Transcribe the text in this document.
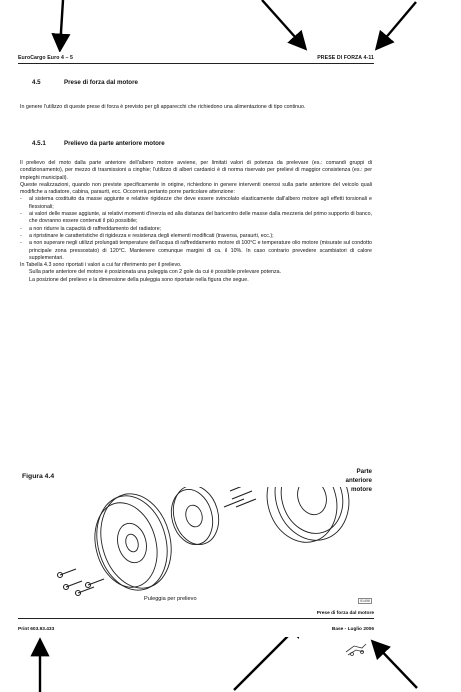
EuroCargo Euro 4 – 5	PRESE DI FORZA 4-11
4.5	Prese di forza dal motore
In genere l'utilizzo di queste prese di forza è previsto per gli apparecchi che richiedono una alimentazione di tipo continuo.
4.5.1	Prelievo da parte anteriore motore

Il prelievo del moto dalla parte anteriore dell'albero motore avviene, per limitati valori di potenza da prelevare (es.: comandi gruppi di condizionamento), per mezzo di trasmissioni a cinghie; l'utilizzo di alberi cardanici è di norma riservato per prelievi di maggior consistenza (es.: per impieghi municipali).

Queste realizzazioni, quando non previste specificamente in origine, richiedono in genere interventi onerosi sulla parte anteriore del veicolo quali modifiche a radiatore, cabina, paraurti, ecc. Occorrerà pertanto porre particolare attenzione:

- al sistema costituito da masse aggiunte e relative rigidezze che deve essere svincolato elasticamente dall'albero motore agli effetti torsionali e flessionali;
- ai valori delle masse aggiunte, ai relativi momenti d'inerzia ed alla distanza del baricentro delle masse dalla mezzeria del primo supporto di banco, che dovranno essere contenuti il più possibile;
- a non ridurre la capacità di raffreddamento del radiatore;
- a ripristinare le caratteristiche di rigidezza e resistenza degli elementi modificati (traversa, paraurti, ecc.);
- a non superare negli utilizzi prolungati temperature dell'acqua di raffreddamento motore di 100°C e temperature olio motore (misurate sul condotto principale zona pressostato) di 120°C. Mantenere comunque margini di ca. il 10%. In caso contrario prevedere scambiatori di calore supplementari.

In Tabella 4.3 sono riportati i valori a cui far riferimento per il prelievo.

Sulla parte anteriore del motore è posizionata una puleggia con 2 gole da cui è possibile prelevare potenza.

La posizione del prelievo e la dimensione della puleggia sono riportate nella figura che segue.

Figura 4.4
Parte
anteriore
motore
Puleggia per prelievo	91496
Prese di forza dal motore
Print 603.93.433	Base - Luglio 2006
